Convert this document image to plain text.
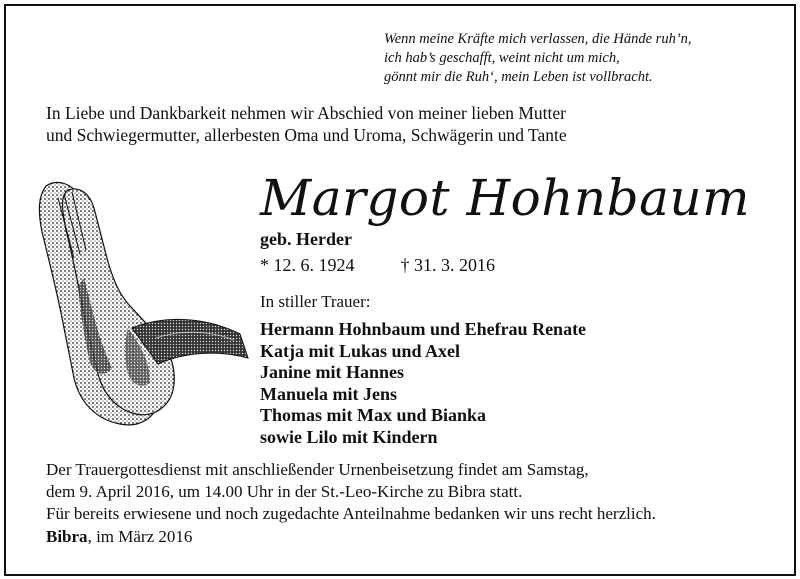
Wenn meine Kräfte mich verlassen, die Hände ruh’n,
ich hab’s geschafft, weint nicht um mich,
gönnt mir die Ruh‘, mein Leben ist vollbracht.
In Liebe und Dankbarkeit nehmen wir Abschied von meiner lieben Mutter
und Schwiegermutter, allerbesten Oma und Uroma, Schwägerin und Tante
Margot Hohnbaum
geb. Herder
* 12. 6. 1924	† 31. 3. 2016
In stiller Trauer:
Hermann Hohnbaum und Ehefrau Renate
Katja mit Lukas und Axel
Janine mit Hannes
Manuela mit Jens
Thomas mit Max und Bianka
sowie Lilo mit Kindern
Der Trauergottesdienst mit anschließender Urnenbeisetzung findet am Samstag,
dem 9. April 2016, um 14.00 Uhr in der St.-Leo-Kirche zu Bibra statt.
Für bereits erwiesene und noch zugedachte Anteilnahme bedanken wir uns recht herzlich.
Bibra, im März 2016
